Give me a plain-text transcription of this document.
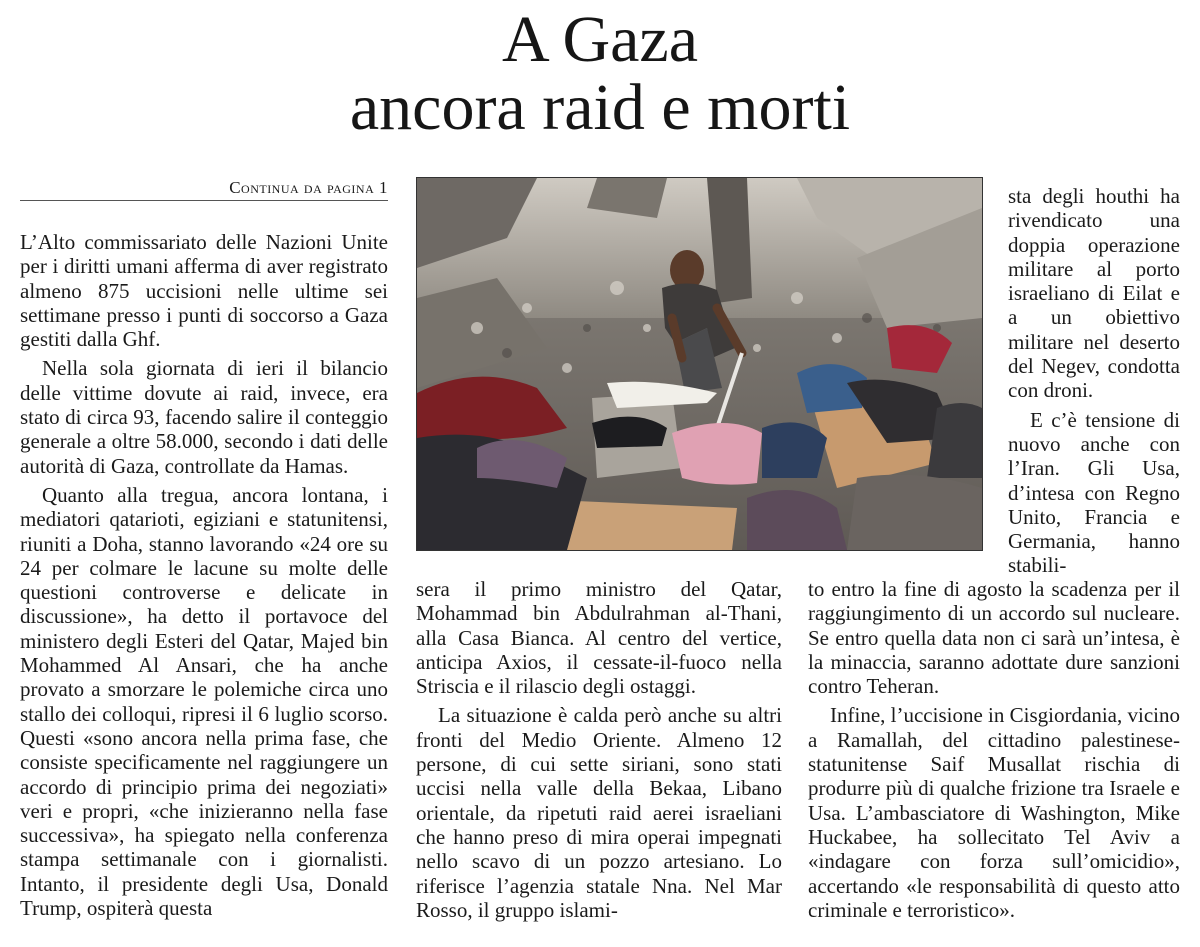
A Gaza
ancora raid e morti
Continua da pagina 1

L’Alto commissariato delle Nazioni Unite per i diritti umani afferma di aver registrato almeno 875 uccisioni nelle ultime sei settimane presso i punti di soccorso a Gaza gestiti dalla Ghf.

Nella sola giornata di ieri il bilancio delle vittime dovute ai raid, invece, era stato di circa 93, facendo salire il conteggio generale a oltre 58.000, secondo i dati delle autorità di Gaza, controllate da Hamas.

Quanto alla tregua, ancora lontana, i mediatori qatarioti, egiziani e statunitensi, riuniti a Doha, stanno lavorando «24 ore su 24 per colmare le lacune su molte delle questioni controverse e delicate in discussione», ha detto il portavoce del ministero degli Esteri del Qatar, Majed bin Mohammed Al Ansari, che ha anche provato a smorzare le polemiche circa uno stallo dei colloqui, ripresi il 6 luglio scorso. Questi «sono ancora nella prima fase, che consiste specificamente nel raggiungere un accordo di principio prima dei negoziati» veri e propri, «che inizieranno nella fase successiva», ha spiegato nella conferenza stampa settimanale con i giornalisti. Intanto, il presidente degli Usa, Donald Trump, ospiterà questa

sera il primo ministro del Qatar, Mohammad bin Abdulrahman al-Thani, alla Casa Bianca. Al centro del vertice, anticipa Axios, il cessate-il-fuoco nella Striscia e il rilascio degli ostaggi.

La situazione è calda però anche su altri fronti del Medio Oriente. Almeno 12 persone, di cui sette siriani, sono stati uccisi nella valle della Bekaa, Libano orientale, da ripetuti raid aerei israeliani che hanno preso di mira operai impegnati nello scavo di un pozzo artesiano. Lo riferisce l’agenzia statale Nna. Nel Mar Rosso, il gruppo islami-

sta degli houthi ha rivendicato una doppia operazione militare al porto israeliano di Eilat e a un obiettivo militare nel deserto del Negev, condotta con droni.

E c’è tensione di nuovo anche con l’Iran. Gli Usa, d’intesa con Regno Unito, Francia e Germania, hanno stabili-

to entro la fine di agosto la scadenza per il raggiungimento di un accordo sul nucleare. Se entro quella data non ci sarà un’intesa, è la minaccia, saranno adottate dure sanzioni contro Teheran.

Infine, l’uccisione in Cisgiordania, vicino a Ramallah, del cittadino palestinese-statunitense Saif Musallat rischia di produrre più di qualche frizione tra Israele e Usa. L’ambasciatore di Washington, Mike Huckabee, ha sollecitato Tel Aviv a «indagare con forza sull’omicidio», accertando «le responsabilità di questo atto criminale e terroristico».
